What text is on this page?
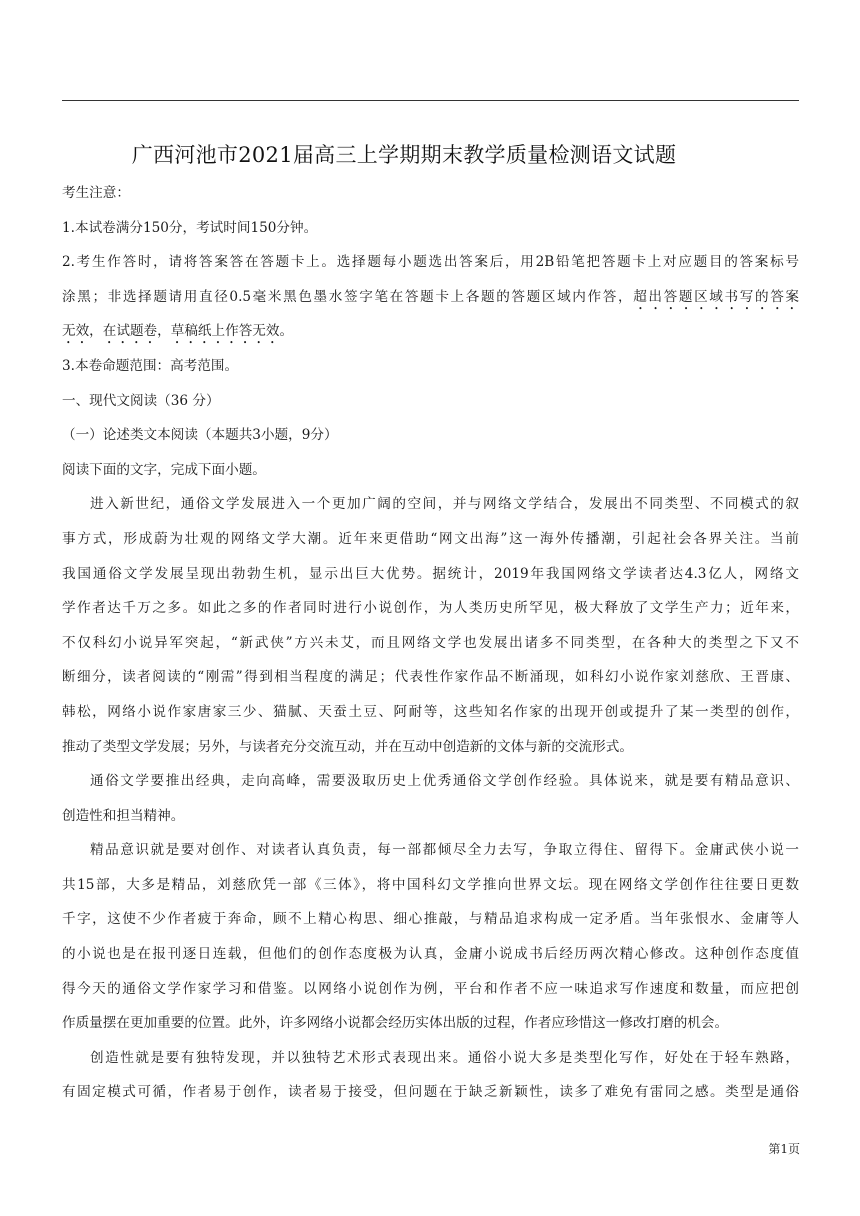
广西河池市2021届高三上学期期末教学质量检测语文试题

考生注意：

1.本试卷满分150分，考试时间150分钟。

2.考生作答时，请将答案答在答题卡上。选择题每小题选出答案后，用2B铅笔把答题卡上对应题目的答案标号

涂黑；非选择题请用直径0.5毫米黑色墨水签字笔在答题卡上各题的答题区域内作答，超出答题区域书写的答案

无效，在试题卷，草稿纸上作答无效。

3.本卷命题范围：高考范围。

一、现代文阅读（36 分）

（一）论述类文本阅读（本题共3小题，9分）

阅读下面的文字，完成下面小题。

进入新世纪，通俗文学发展进入一个更加广阔的空间，并与网络文学结合，发展出不同类型、不同模式的叙

事方式，形成蔚为壮观的网络文学大潮。近年来更借助“网文出海”这一海外传播潮，引起社会各界关注。当前

我国通俗文学发展呈现出勃勃生机，显示出巨大优势。据统计，2019年我国网络文学读者达4.3亿人，网络文

学作者达千万之多。如此之多的作者同时进行小说创作，为人类历史所罕见，极大释放了文学生产力；近年来，

不仅科幻小说异军突起，“新武侠”方兴未艾，而且网络文学也发展出诸多不同类型，在各种大的类型之下又不

断细分，读者阅读的“刚需”得到相当程度的满足；代表性作家作品不断涌现，如科幻小说作家刘慈欣、王晋康、

韩松，网络小说作家唐家三少、猫腻、天蚕土豆、阿耐等，这些知名作家的出现开创或提升了某一类型的创作，

推动了类型文学发展；另外，与读者充分交流互动，并在互动中创造新的文体与新的交流形式。

通俗文学要推出经典，走向高峰，需要汲取历史上优秀通俗文学创作经验。具体说来，就是要有精品意识、

创造性和担当精神。

精品意识就是要对创作、对读者认真负责，每一部都倾尽全力去写，争取立得住、留得下。金庸武侠小说一

共15部，大多是精品，刘慈欣凭一部《三体》，将中国科幻文学推向世界文坛。现在网络文学创作往往要日更数

千字，这使不少作者疲于奔命，顾不上精心构思、细心推敲，与精品追求构成一定矛盾。当年张恨水、金庸等人

的小说也是在报刊逐日连载，但他们的创作态度极为认真，金庸小说成书后经历两次精心修改。这种创作态度值

得今天的通俗文学作家学习和借鉴。以网络小说创作为例，平台和作者不应一味追求写作速度和数量，而应把创

作质量摆在更加重要的位置。此外，许多网络小说都会经历实体出版的过程，作者应珍惜这一修改打磨的机会。

创造性就是要有独特发现，并以独特艺术形式表现出来。通俗小说大多是类型化写作，好处在于轻车熟路，

有固定模式可循，作者易于创作，读者易于接受，但问题在于缺乏新颖性，读多了难免有雷同之感。类型是通俗

第1页
